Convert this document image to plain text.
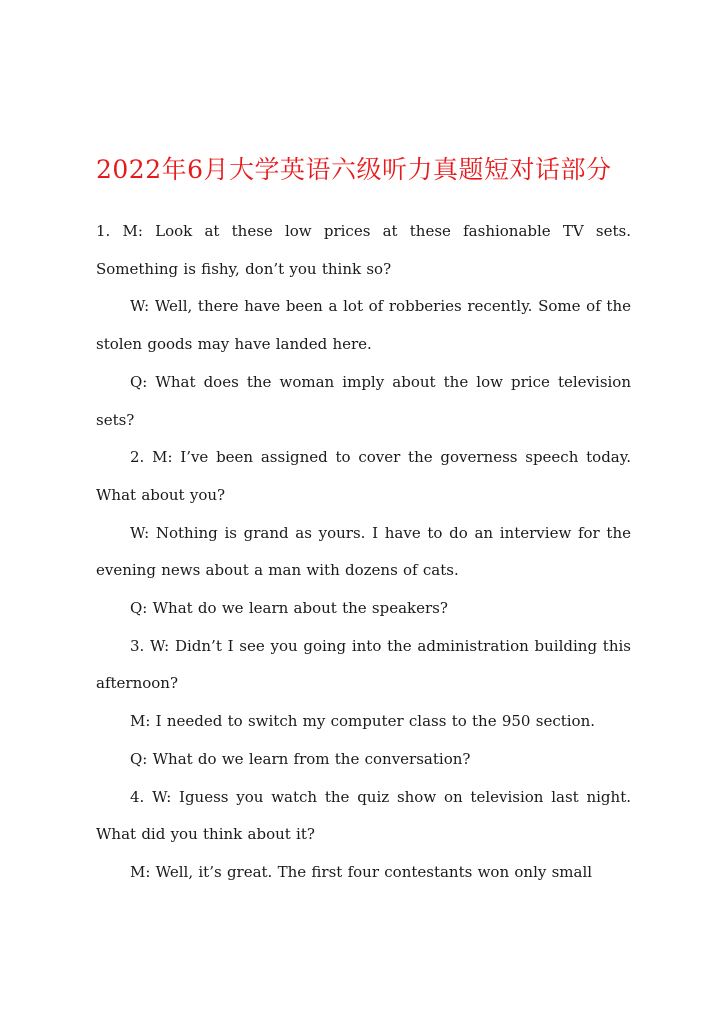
2022年6月大学英语六级听力真题短对话部分

1. M: Look at these low prices at these fashionable TV sets. Something is fishy, don’t you think so?

W: Well, there have been a lot of robberies recently. Some of the stolen goods may have landed here.

Q: What does the woman imply about the low price television sets?

2. M: I’ve been assigned to cover the governess speech today. What about you?

W: Nothing is grand as yours. I have to do an interview for the evening news about a man with dozens of cats.

Q: What do we learn about the speakers?

3. W: Didn’t I see you going into the administration building this afternoon?

M: I needed to switch my computer class to the 950 section.

Q: What do we learn from the conversation?

4. W: Iguess you watch the quiz show on television last night. What did you think about it?

M: Well, it’s great. The first four contestants won only small
